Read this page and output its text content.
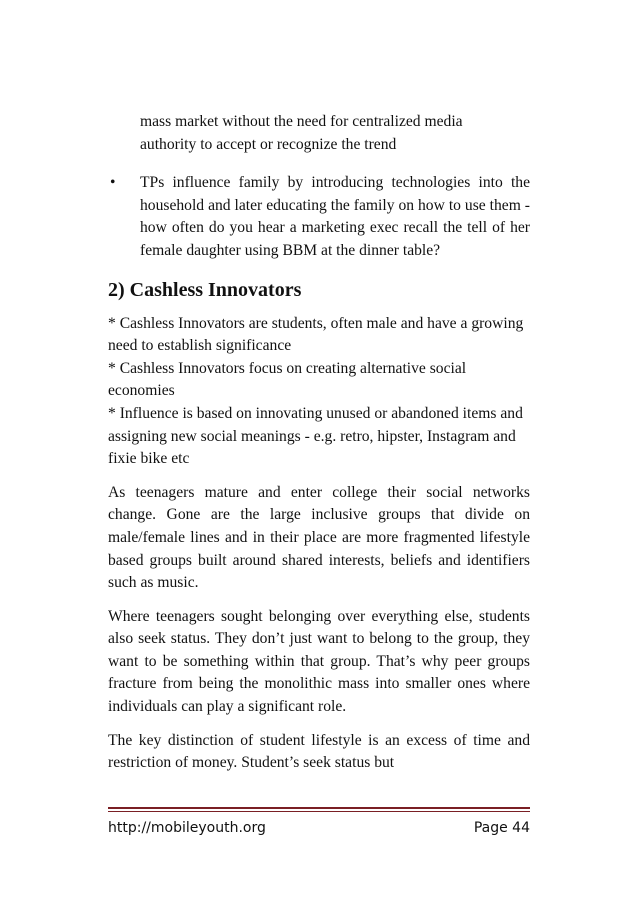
mass market without the need for centralized media
authority to accept or recognize the trend
•	TPs influence family by introducing technologies into the household and later educating the family on how to use them - how often do you hear a marketing exec recall the tell of her female daughter using BBM at the dinner table?
2) Cashless Innovators
* Cashless Innovators are students, often male and have a growing need to establish significance
* Cashless Innovators focus on creating alternative social economies
* Influence is based on innovating unused or abandoned items and assigning new social meanings - e.g. retro, hipster, Instagram and fixie bike etc
As teenagers mature and enter college their social networks change. Gone are the large inclusive groups that divide on male/female lines and in their place are more fragmented lifestyle based groups built around shared interests, beliefs and identifiers such as music.
Where teenagers sought belonging over everything else, students also seek status. They don’t just want to belong to the group, they want to be something within that group. That’s why peer groups fracture from being the monolithic mass into smaller ones where individuals can play a significant role.
The key distinction of student lifestyle is an excess of time and restriction of money. Student’s seek status but
http://mobileyouth.org	Page 44
